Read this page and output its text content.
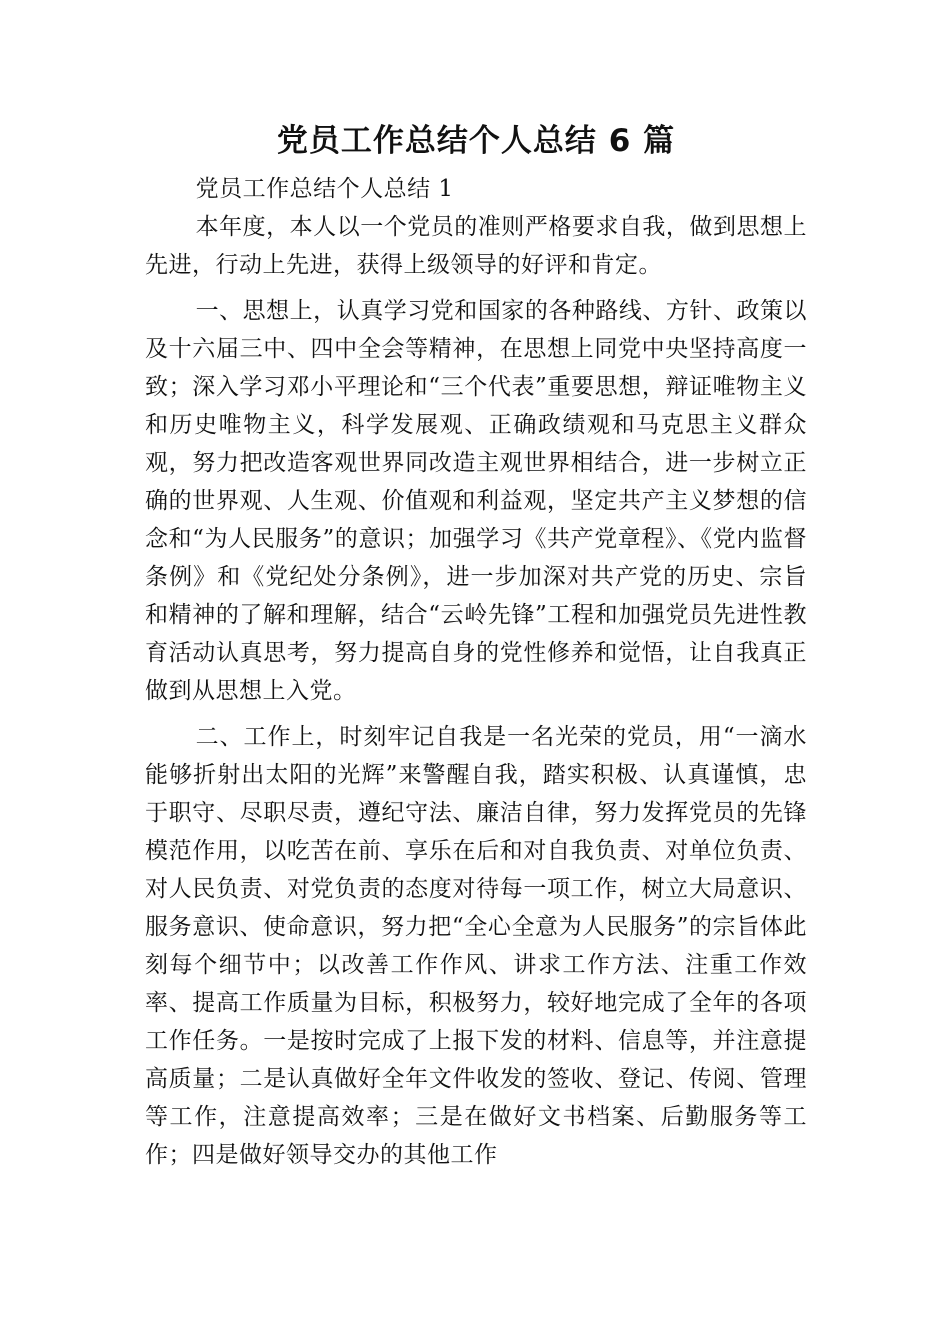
党员工作总结个人总结 6 篇

党员工作总结个人总结 1

本年度，本人以一个党员的准则严格要求自我，做到思想上先进，行动上先进，获得上级领导的好评和肯定。

一、思想上，认真学习党和国家的各种路线、方针、政策以及十六届三中、四中全会等精神，在思想上同党中央坚持高度一致；深入学习邓小平理论和“三个代表”重要思想，辩证唯物主义和历史唯物主义，科学发展观、正确政绩观和马克思主义群众观，努力把改造客观世界同改造主观世界相结合，进一步树立正确的世界观、人生观、价值观和利益观，坚定共产主义梦想的信念和“为人民服务”的意识；加强学习《共产党章程》、《党内监督条例》和《党纪处分条例》，进一步加深对共产党的历史、宗旨和精神的了解和理解，结合“云岭先锋”工程和加强党员先进性教育活动认真思考，努力提高自身的党性修养和觉悟，让自我真正做到从思想上入党。

二、工作上，时刻牢记自我是一名光荣的党员，用“一滴水能够折射出太阳的光辉”来警醒自我，踏实积极、认真谨慎，忠于职守、尽职尽责，遵纪守法、廉洁自律，努力发挥党员的先锋模范作用，以吃苦在前、享乐在后和对自我负责、对单位负责、对人民负责、对党负责的态度对待每一项工作，树立大局意识、服务意识、使命意识，努力把“全心全意为人民服务”的宗旨体此刻每个细节中；以改善工作作风、讲求工作方法、注重工作效率、提高工作质量为目标，积极努力，较好地完成了全年的各项工作任务。一是按时完成了上报下发的材料、信息等，并注意提高质量；二是认真做好全年文件收发的签收、登记、传阅、管理等工作，注意提高效率；三是在做好文书档案、后勤服务等工作；四是做好领导交办的其他工作
